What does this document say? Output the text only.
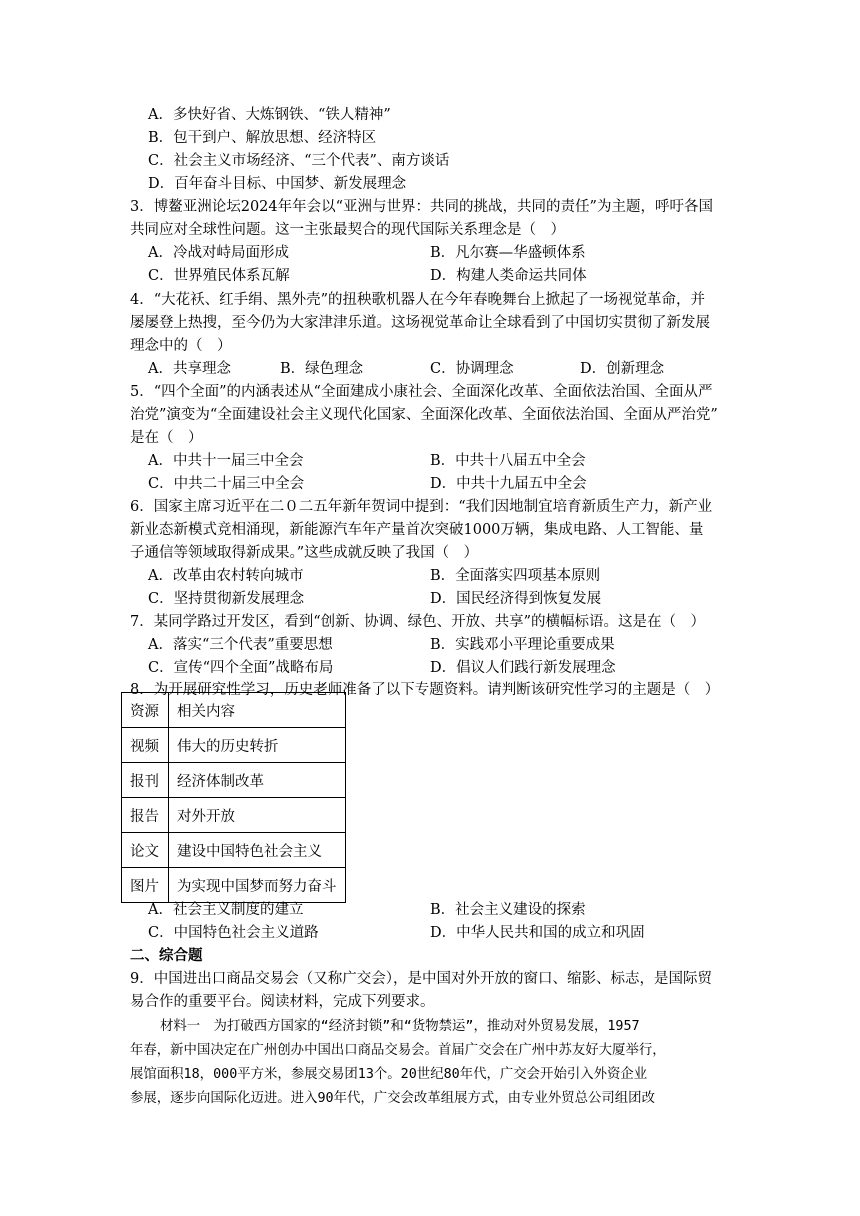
A．多快好省、大炼钢铁、“铁人精神”
B．包干到户、解放思想、经济特区
C．社会主义市场经济、“三个代表”、南方谈话
D．百年奋斗目标、中国梦、新发展理念
3．博鳌亚洲论坛2024年年会以“亚洲与世界：共同的挑战，共同的责任”为主题，呼吁各国
共同应对全球性问题。这一主张最契合的现代国际关系理念是（　）
A．冷战对峙局面形成	B．凡尔赛—华盛顿体系
C．世界殖民体系瓦解	D．构建人类命运共同体
4．“大花袄、红手绢、黑外壳”的扭秧歌机器人在今年春晚舞台上掀起了一场视觉革命，并
屡屡登上热搜，至今仍为大家津津乐道。这场视觉革命让全球看到了中国切实贯彻了新发展
理念中的（　）
A．共享理念	B．绿色理念	C．协调理念	D．创新理念
5．“四个全面”的内涵表述从“全面建成小康社会、全面深化改革、全面依法治国、全面从严
治党”演变为“全面建设社会主义现代化国家、全面深化改革、全面依法治国、全面从严治党”
是在（　）
A．中共十一届三中全会	B．中共十八届五中全会
C．中共二十届三中全会	D．中共十九届五中全会
6．国家主席习近平在二０二五年新年贺词中提到：“我们因地制宜培育新质生产力，新产业
新业态新模式竞相涌现，新能源汽车年产量首次突破1000万辆，集成电路、人工智能、量
子通信等领域取得新成果。”这些成就反映了我国（　）
A．改革由农村转向城市	B．全面落实四项基本原则
C．坚持贯彻新发展理念	D．国民经济得到恢复发展
7．某同学路过开发区，看到“创新、协调、绿色、开放、共享”的横幅标语。这是在（　）
A．落实“三个代表”重要思想	B．实践邓小平理论重要成果
C．宣传“四个全面”战略布局	D．倡议人们践行新发展理念
8．为开展研究性学习，历史老师准备了以下专题资料。请判断该研究性学习的主题是（　）
资源	相关内容
视频	伟大的历史转折
报刊	经济体制改革
报告	对外开放
论文	建设中国特色社会主义
图片	为实现中国梦而努力奋斗
A．社会主义制度的建立	B．社会主义建设的探索
C．中国特色社会主义道路	D．中华人民共和国的成立和巩固
二、综合题
9．中国进出口商品交易会（又称广交会），是中国对外开放的窗口、缩影、标志，是国际贸
易合作的重要平台。阅读材料，完成下列要求。
材料一　为打破西方国家的“经济封锁”和“货物禁运”，推动对外贸易发展，1957
年春，新中国决定在广州创办中国出口商品交易会。首届广交会在广州中苏友好大厦举行，
展馆面积18，000平方米，参展交易团13个。20世纪80年代，广交会开始引入外资企业
参展，逐步向国际化迈进。进入90年代，广交会改革组展方式，由专业外贸总公司组团改
